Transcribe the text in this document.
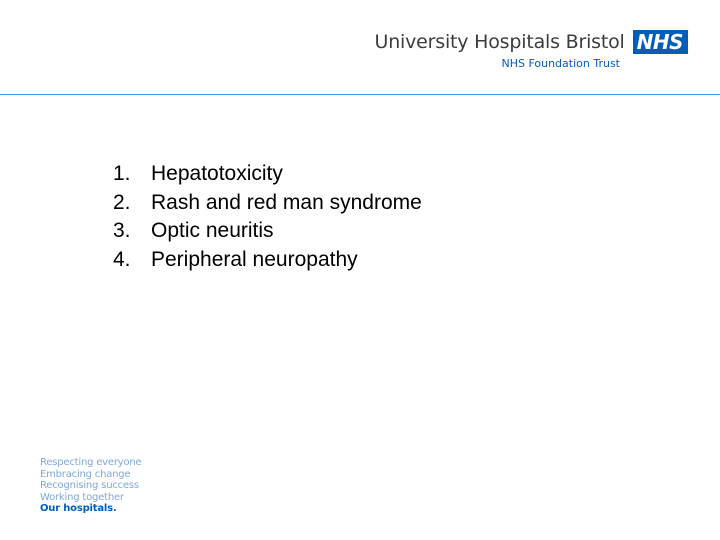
University Hospitals Bristol NHS
NHS Foundation Trust
1. Hepatotoxicity
2. Rash and red man syndrome
3. Optic neuritis
4. Peripheral neuropathy
Respecting everyone
Embracing change
Recognising success
Working together
Our hospitals.
